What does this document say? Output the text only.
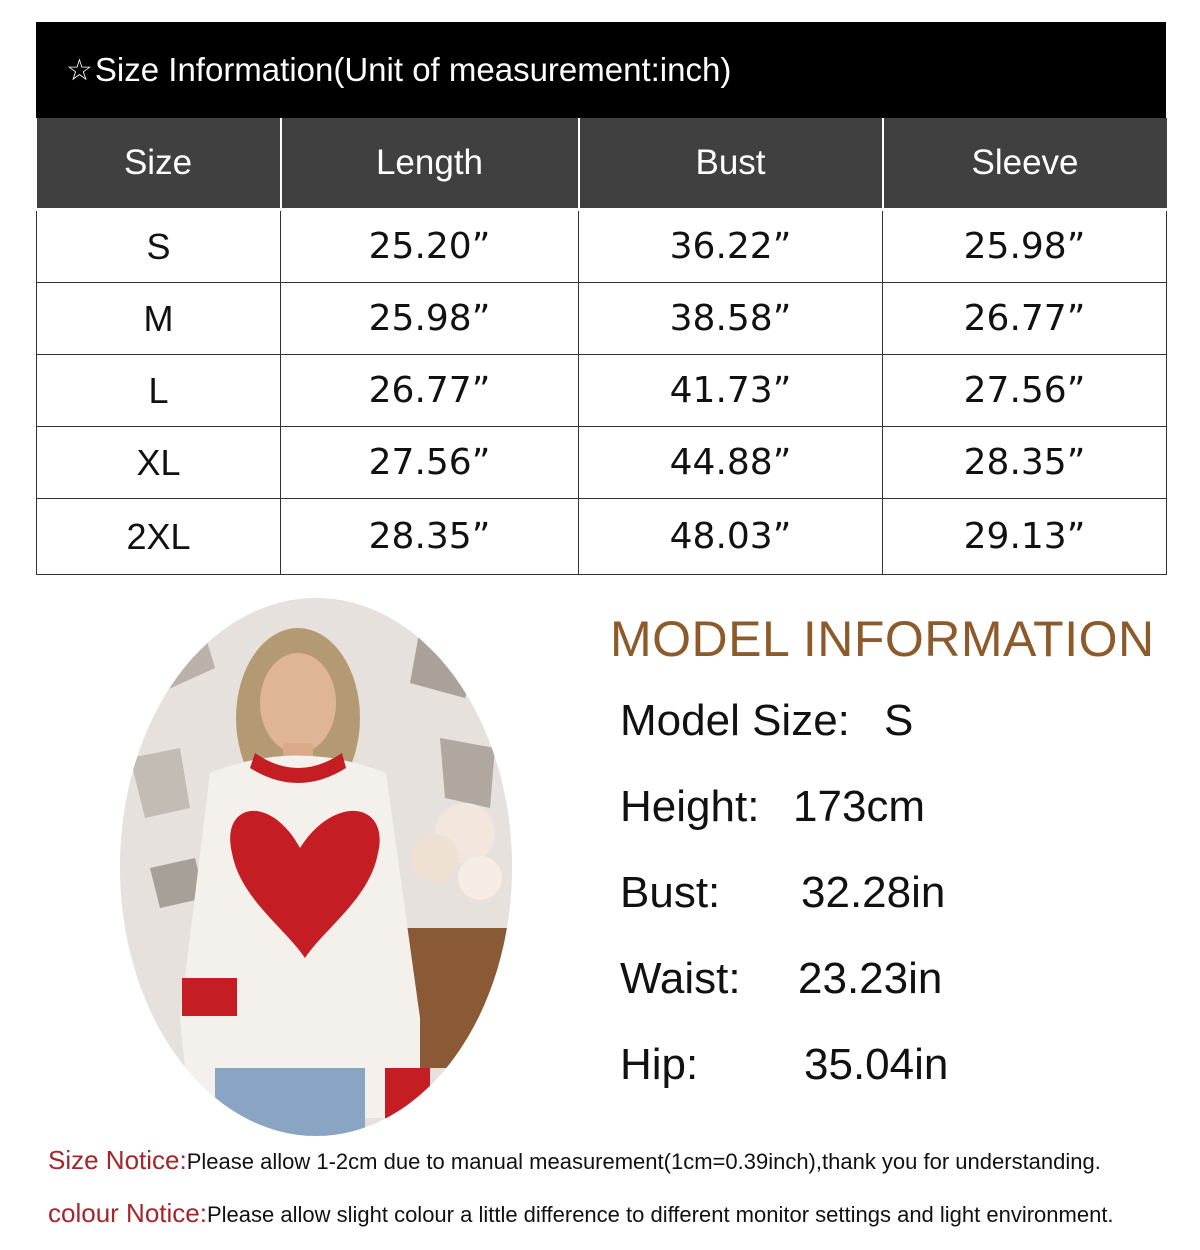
☆ Size Information(Unit of measurement:inch)
Size	Length	Bust	Sleeve
S	25.20”	36.22”	25.98”
M	25.98”	38.58”	26.77”
L	26.77”	41.73”	27.56”
XL	27.56”	44.88”	28.35”
2XL	28.35”	48.03”	29.13”
MODEL INFORMATION
Model Size: S
Height: 173cm
Bust: 32.28in
Waist: 23.23in
Hip: 35.04in
Size Notice:Please allow 1-2cm due to manual measurement(1cm=0.39inch),thank you for understanding.
colour Notice:Please allow slight colour a little difference to different monitor settings and light environment.
